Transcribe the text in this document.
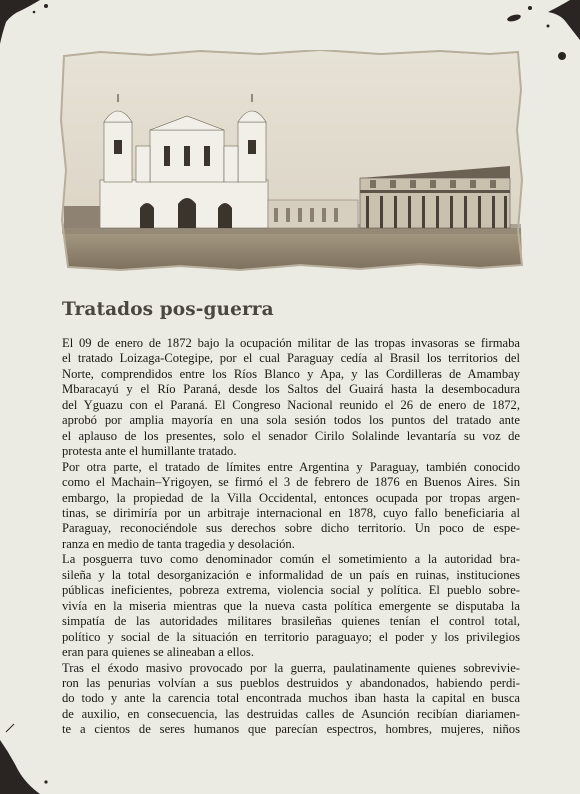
Tratados pos-guerra
El 09 de enero de 1872 bajo la ocupación militar de las tropas invasoras se firmaba
el tratado Loizaga-Cotegipe, por el cual Paraguay cedía al Brasil los territorios del
Norte, comprendidos entre los Ríos Blanco y Apa, y las Cordilleras de Amambay
Mbaracayú y el Río Paraná, desde los Saltos del Guairá hasta la desembocadura
del Yguazu con el Paraná. El Congreso Nacional reunido el 26 de enero de 1872,
aprobó por amplia mayoría en una sola sesión todos los puntos del tratado ante
el aplauso de los presentes, solo el senador Cirilo Solalinde levantaría su voz de
protesta ante el humillante tratado.
Por otra parte, el tratado de límites entre Argentina y Paraguay, también conocido
como el Machain–Yrigoyen, se firmó el 3 de febrero de 1876 en Buenos Aires. Sin
embargo, la propiedad de la Villa Occidental, entonces ocupada por tropas argen-
tinas, se dirimiría por un arbitraje internacional en 1878, cuyo fallo beneficiaria al
Paraguay, reconociéndole sus derechos sobre dicho territorio. Un poco de espe-
ranza en medio de tanta tragedia y desolación.
La posguerra tuvo como denominador común el sometimiento a la autoridad bra-
sileña y la total desorganización e informalidad de un país en ruinas, instituciones
públicas ineficientes, pobreza extrema, violencia social y política. El pueblo sobre-
vivía en la miseria mientras que la nueva casta política emergente se disputaba la
simpatía de las autoridades militares brasileñas quienes tenían el control total,
político y social de la situación en territorio paraguayo; el poder y los privilegios
eran para quienes se alineaban a ellos.
Tras el éxodo masivo provocado por la guerra, paulatinamente quienes sobrevivie-
ron las penurias volvían a sus pueblos destruidos y abandonados, habiendo perdi-
do todo y ante la carencia total encontrada muchos iban hasta la capital en busca
de auxilio, en consecuencia, las destruidas calles de Asunción recibían diariamen-
te a cientos de seres humanos que parecían espectros, hombres, mujeres, niños
